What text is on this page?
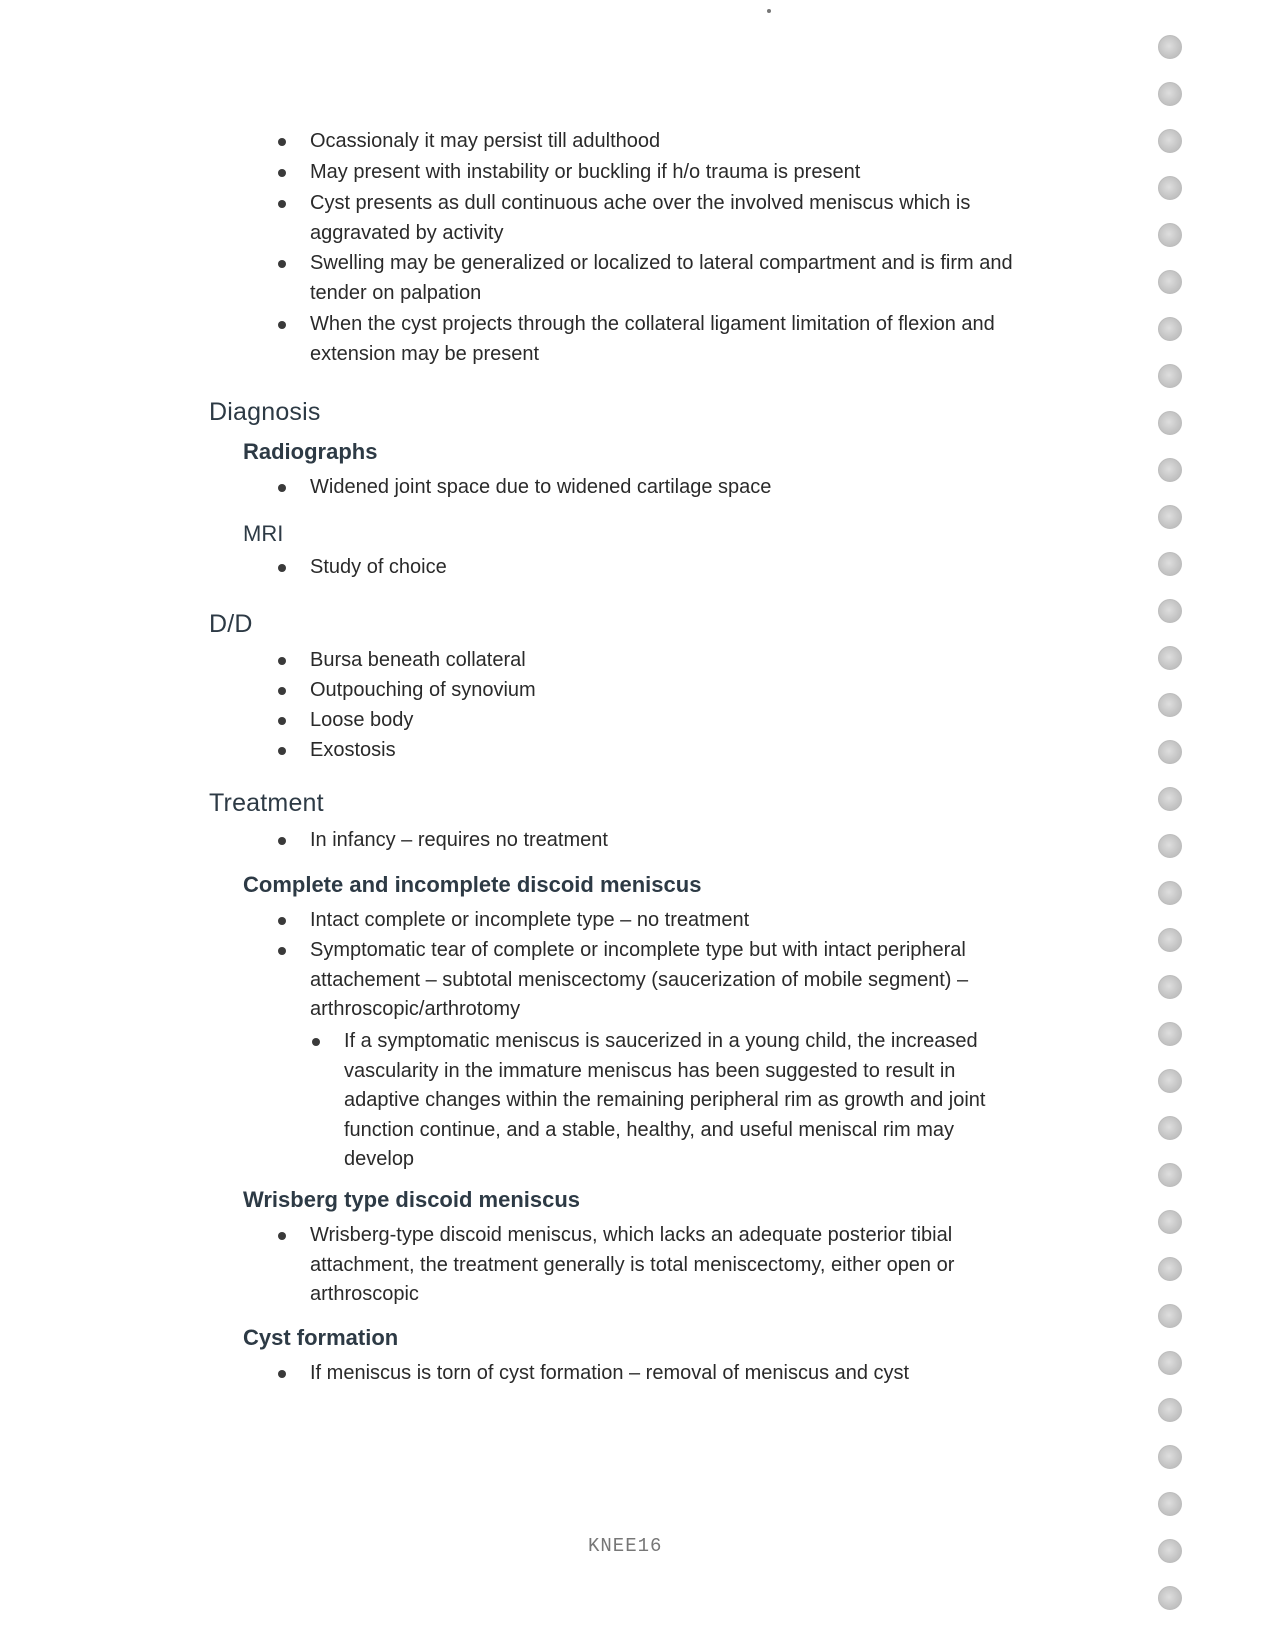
Ocassionaly it may persist till adulthood
May present with instability or buckling if h/o trauma is present
Cyst presents as dull continuous ache over the involved meniscus which is aggravated by activity
Swelling may be generalized or localized to lateral compartment and is firm and tender on palpation
When the cyst projects through the collateral ligament limitation of flexion and extension may be present
Diagnosis
Radiographs
Widened joint space due to widened cartilage space
MRI
Study of choice
D/D
Bursa beneath collateral
Outpouching of synovium
Loose body
Exostosis
Treatment
In infancy – requires no treatment
Complete and incomplete discoid meniscus
Intact complete or incomplete type – no treatment
Symptomatic tear of complete or incomplete type but with intact peripheral attachement – subtotal meniscectomy (saucerization of mobile segment) – arthroscopic/arthrotomy
If a symptomatic meniscus is saucerized in a young child, the increased vascularity in the immature meniscus has been suggested to result in adaptive changes within the remaining peripheral rim as growth and joint function continue, and a stable, healthy, and useful meniscal rim may develop
Wrisberg type discoid meniscus
Wrisberg-type discoid meniscus, which lacks an adequate posterior tibial attachment, the treatment generally is total meniscectomy, either open or arthroscopic
Cyst formation
If meniscus is torn of cyst formation – removal of meniscus and cyst
KNEE16
